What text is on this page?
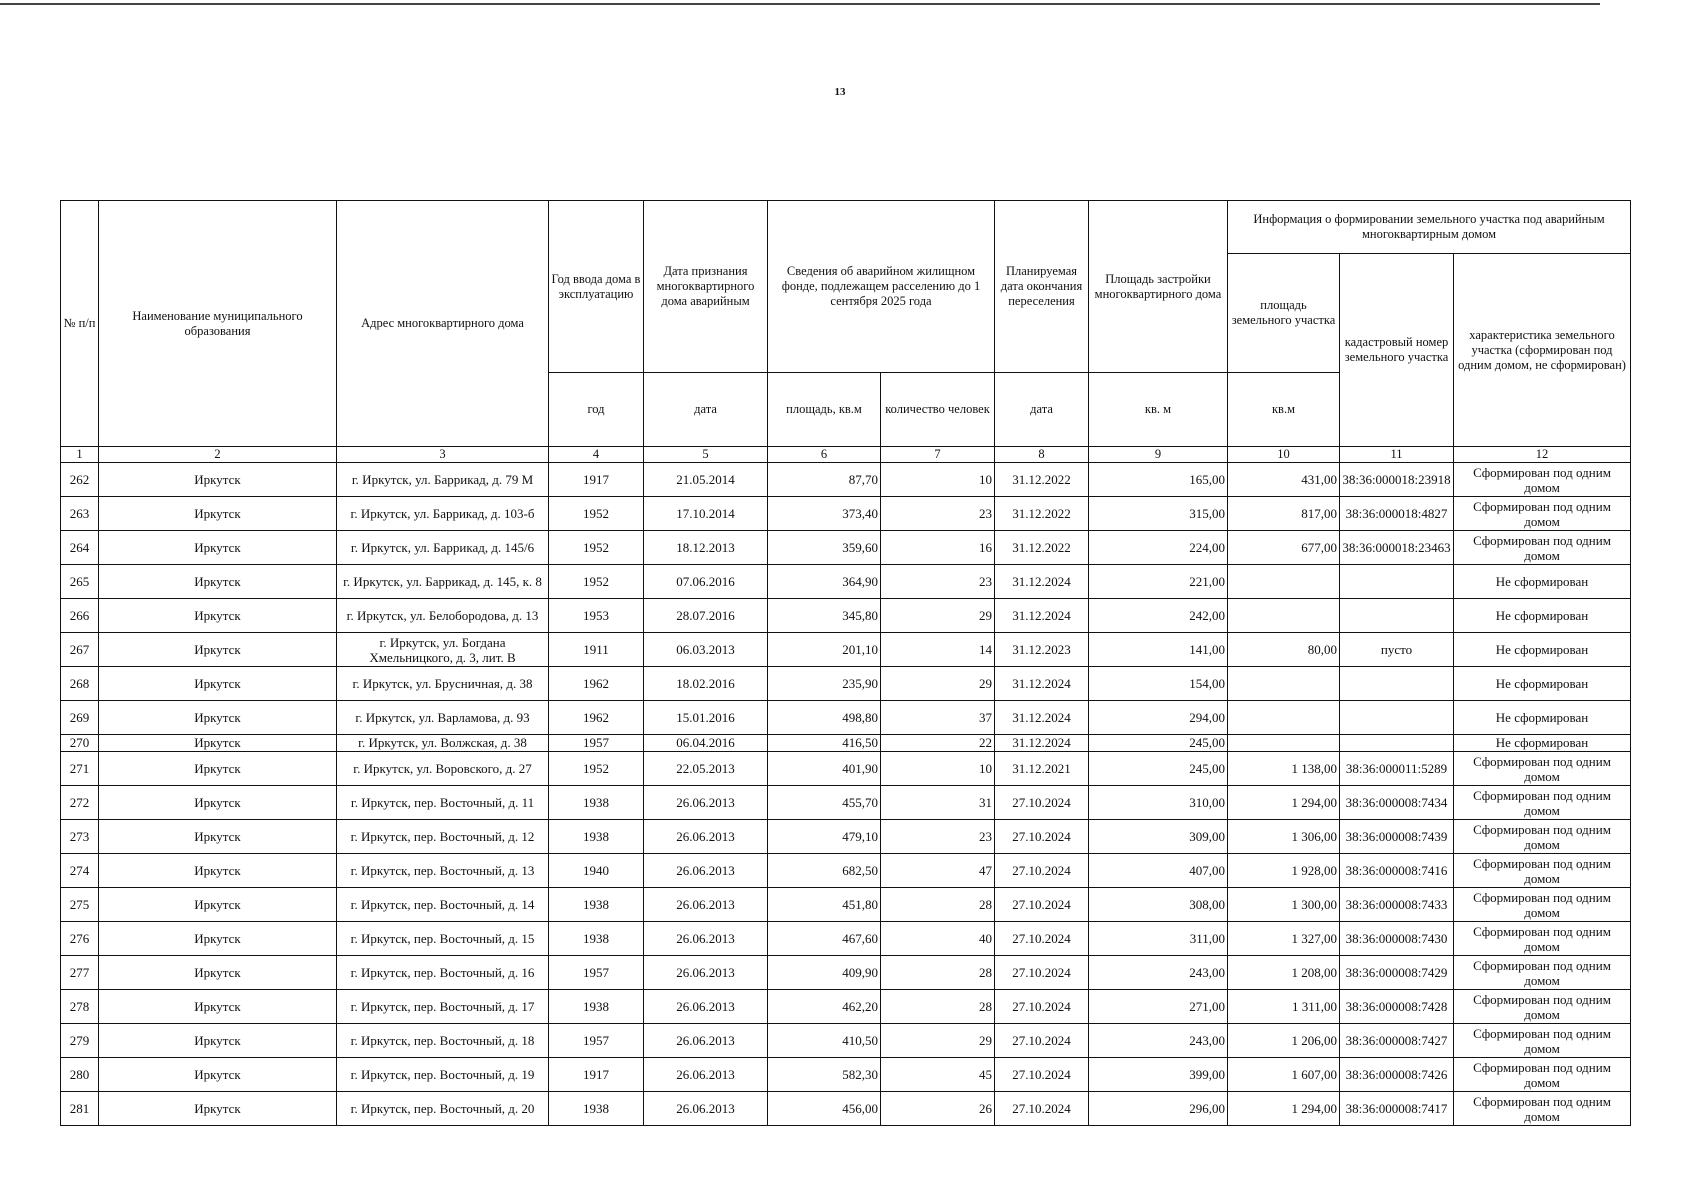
13
№ п/п	Наименование муниципального образования	Адрес многоквартирного дома	Год ввода дома в эксплуатацию	Дата признания многоквартирного дома аварийным	Сведения об аварийном жилищном фонде, подлежащем расселению до 1 сентября 2025 года		Планируемая дата окончания переселения	Площадь застройки многоквартирного дома	Информация о формировании земельного участка под аварийным многоквартирным домом		
									площадь земельного участка	кадастровый номер земельного участка	характеристика земельного участка (сформирован под одним домом, не сформирован)
			год	дата	площадь, кв.м	количество человек	дата	кв. м	кв.м		
1	2	3	4	5	6	7	8	9	10	11	12
262	Иркутск	г. Иркутск, ул. Баррикад, д. 79 М	1917	21.05.2014	87,70	10	31.12.2022	165,00	431,00	38:36:000018:23918	Сформирован под одним домом
263	Иркутск	г. Иркутск, ул. Баррикад, д. 103-б	1952	17.10.2014	373,40	23	31.12.2022	315,00	817,00	38:36:000018:4827	Сформирован под одним домом
264	Иркутск	г. Иркутск, ул. Баррикад, д. 145/6	1952	18.12.2013	359,60	16	31.12.2022	224,00	677,00	38:36:000018:23463	Сформирован под одним домом
265	Иркутск	г. Иркутск, ул. Баррикад, д. 145, к. 8	1952	07.06.2016	364,90	23	31.12.2024	221,00			Не сформирован
266	Иркутск	г. Иркутск, ул. Белобородова, д. 13	1953	28.07.2016	345,80	29	31.12.2024	242,00			Не сформирован
267	Иркутск	г. Иркутск, ул. Богдана Хмельницкого, д. 3, лит. В	1911	06.03.2013	201,10	14	31.12.2023	141,00	80,00	пусто	Не сформирован
268	Иркутск	г. Иркутск, ул. Брусничная, д. 38	1962	18.02.2016	235,90	29	31.12.2024	154,00			Не сформирован
269	Иркутск	г. Иркутск, ул. Варламова, д. 93	1962	15.01.2016	498,80	37	31.12.2024	294,00			Не сформирован
270	Иркутск	г. Иркутск, ул. Волжская, д. 38	1957	06.04.2016	416,50	22	31.12.2024	245,00			Не сформирован
271	Иркутск	г. Иркутск, ул. Воровского, д. 27	1952	22.05.2013	401,90	10	31.12.2021	245,00	1 138,00	38:36:000011:5289	Сформирован под одним домом
272	Иркутск	г. Иркутск, пер. Восточный, д. 11	1938	26.06.2013	455,70	31	27.10.2024	310,00	1 294,00	38:36:000008:7434	Сформирован под одним домом
273	Иркутск	г. Иркутск, пер. Восточный, д. 12	1938	26.06.2013	479,10	23	27.10.2024	309,00	1 306,00	38:36:000008:7439	Сформирован под одним домом
274	Иркутск	г. Иркутск, пер. Восточный, д. 13	1940	26.06.2013	682,50	47	27.10.2024	407,00	1 928,00	38:36:000008:7416	Сформирован под одним домом
275	Иркутск	г. Иркутск, пер. Восточный, д. 14	1938	26.06.2013	451,80	28	27.10.2024	308,00	1 300,00	38:36:000008:7433	Сформирован под одним домом
276	Иркутск	г. Иркутск, пер. Восточный, д. 15	1938	26.06.2013	467,60	40	27.10.2024	311,00	1 327,00	38:36:000008:7430	Сформирован под одним домом
277	Иркутск	г. Иркутск, пер. Восточный, д. 16	1957	26.06.2013	409,90	28	27.10.2024	243,00	1 208,00	38:36:000008:7429	Сформирован под одним домом
278	Иркутск	г. Иркутск, пер. Восточный, д. 17	1938	26.06.2013	462,20	28	27.10.2024	271,00	1 311,00	38:36:000008:7428	Сформирован под одним домом
279	Иркутск	г. Иркутск, пер. Восточный, д. 18	1957	26.06.2013	410,50	29	27.10.2024	243,00	1 206,00	38:36:000008:7427	Сформирован под одним домом
280	Иркутск	г. Иркутск, пер. Восточный, д. 19	1917	26.06.2013	582,30	45	27.10.2024	399,00	1 607,00	38:36:000008:7426	Сформирован под одним домом
281	Иркутск	г. Иркутск, пер. Восточный, д. 20	1938	26.06.2013	456,00	26	27.10.2024	296,00	1 294,00	38:36:000008:7417	Сформирован под одним домом
